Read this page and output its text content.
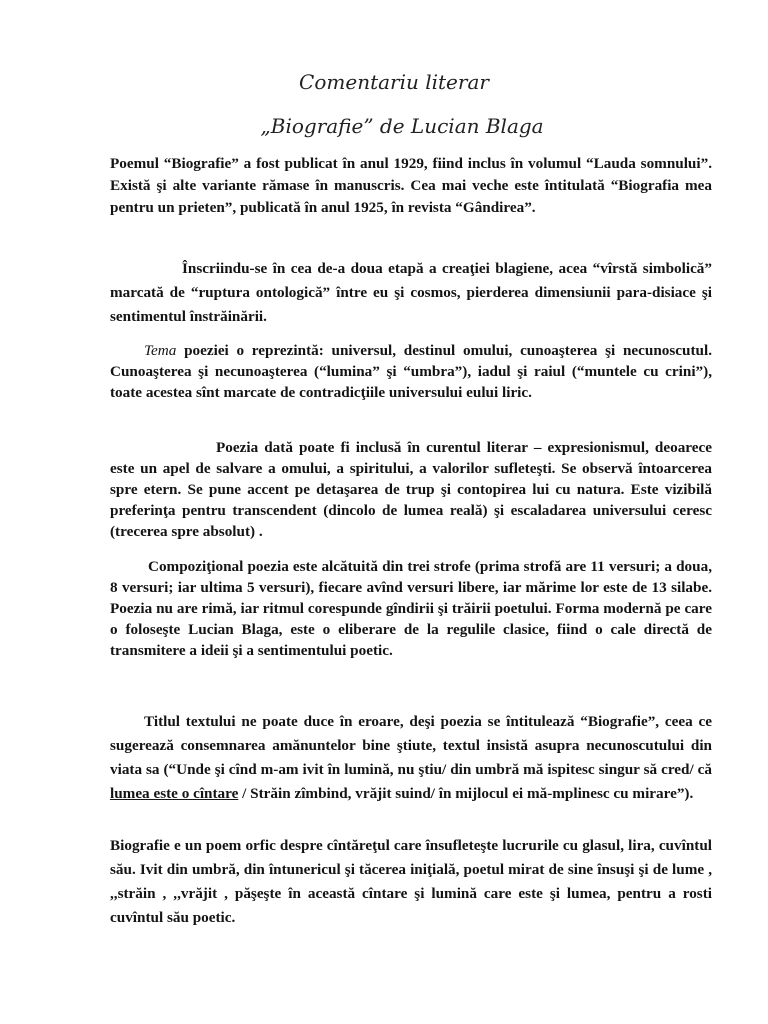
Comentariu literar
„Biografie” de Lucian Blaga

Poemul “Biografie” a fost publicat în anul 1929, fiind inclus în volumul “Lauda somnului”. Există şi alte variante rămase în manuscris. Cea mai veche este întitulată “Biografia mea pentru un prieten”, publicată în anul 1925, în revista “Gândirea”.

Înscriindu-se în cea de-a doua etapă a creaţiei blagiene, acea “vîrstă simbolică” marcată de “ruptura ontologică” între eu şi cosmos, pierderea dimensiunii para-disiace şi sentimentul înstrăinării.

Tema poeziei o reprezintă: universul, destinul omului, cunoaşterea şi necunoscutul. Cunoaşterea şi necunoaşterea (“lumina” şi “umbra”), iadul şi raiul (“muntele cu crini”), toate acestea sînt marcate de contradicţiile universului eului liric.

Poezia dată poate fi inclusă în curentul literar – expresionismul, deoarece este un apel de salvare a omului, a spiritului, a valorilor sufleteşti. Se observă întoarcerea spre etern. Se pune accent pe detaşarea de trup şi contopirea lui cu natura. Este vizibilă preferinţa pentru transcendent (dincolo de lumea reală) şi escaladarea universului ceresc (trecerea spre absolut) .

Compoziţional poezia este alcătuită din trei strofe (prima strofă are 11 versuri; a doua, 8 versuri; iar ultima 5 versuri), fiecare avînd versuri libere, iar mărime lor este de 13 silabe. Poezia nu are rimă, iar ritmul corespunde gîndirii şi trăirii poetului. Forma modernă pe care o foloseşte Lucian Blaga, este o eliberare de la regulile clasice, fiind o cale directă de transmitere a ideii şi a sentimentului poetic.

Titlul textului ne poate duce în eroare, deşi poezia se întitulează “Biografie”, ceea ce sugerează consemnarea amănuntelor bine ştiute, textul insistă asupra necunoscutului din viata sa (“Unde şi cînd m-am ivit în lumină, nu ştiu/ din umbră mă ispitesc singur să cred/ că lumea este o cîntare / Străin zîmbind, vrăjit suind/ în mijlocul ei mă-mplinesc cu mirare”).

Biografie e un poem orfic despre cîntăreţul care însufleteşte lucrurile cu glasul, lira, cuvîntul său. Ivit din umbră, din întunericul şi tăcerea iniţială, poetul mirat de sine însuşi şi de lume , ,,străin , ,,vrăjit , păşeşte în această cîntare şi lumină care este şi lumea, pentru a rosti cuvîntul său poetic.
